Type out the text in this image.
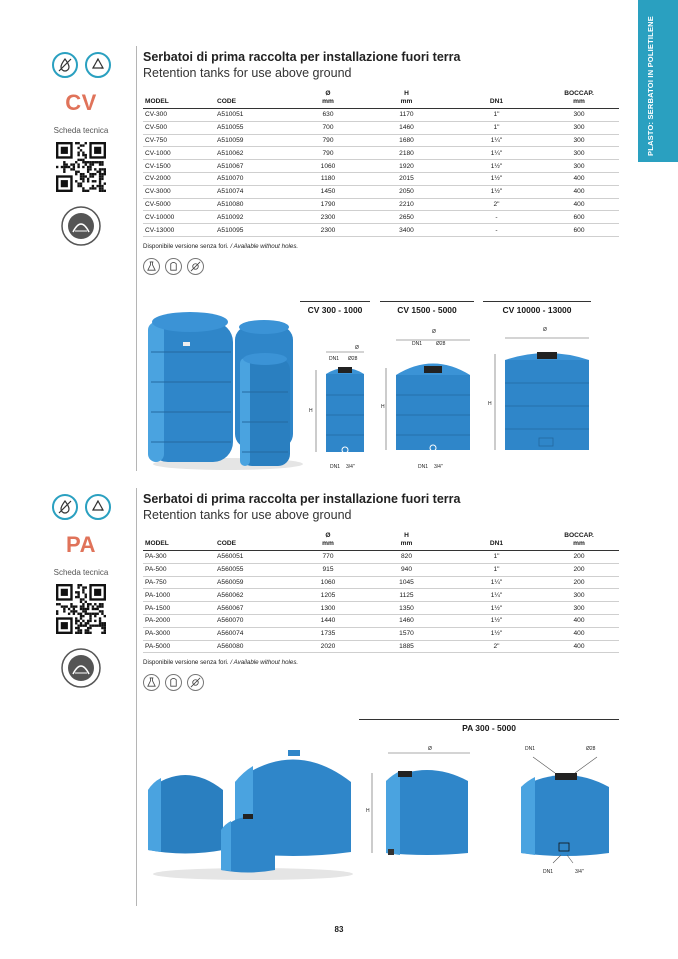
PLASTO: SERBATOI IN POLIETILENE
CV
Scheda tecnica
Serbatoi di prima raccolta per installazione fuori terra
Retention tanks for use above ground
MODEL	CODE	Ø
mm	H
mm	DN1	BOCCAP.
mm
CV-300	A510051	630	1170	1"	300
CV-500	A510055	700	1460	1"	300
CV-750	A510059	790	1680	1¼"	300
CV-1000	A510062	790	2180	1¼"	300
CV-1500	A510067	1060	1920	1½"	300
CV-2000	A510070	1180	2015	1½"	400
CV-3000	A510074	1450	2050	1½"	400
CV-5000	A510080	1790	2210	2"	400
CV-10000	A510092	2300	2650	-	600
CV-13000	A510095	2300	3400	-	600
Disponibile versione senza fori. / Available without holes.
CV 300 - 1000	CV 1500 - 5000	CV 10000 - 13000
Ø
DN1 Ø28
H
DN1 3/4"
Ø
DN1	Ø28
H
DN1 3/4"
Ø
H
PA
Scheda tecnica
Serbatoi di prima raccolta per installazione fuori terra
Retention tanks for use above ground
MODEL	CODE	Ø
mm	H
mm	DN1	BOCCAP.
mm
PA-300	A560051	770	820	1"	200
PA-500	A560055	915	940	1"	200
PA-750	A560059	1060	1045	1¼"	200
PA-1000	A560062	1205	1125	1¼"	300
PA-1500	A560067	1300	1350	1½"	300
PA-2000	A560070	1440	1460	1½"	400
PA-3000	A560074	1735	1570	1½"	400
PA-5000	A560080	2020	1885	2"	400
Disponibile versione senza fori. / Available without holes.
PA 300 - 5000
Ø
H
DN1	Ø28
DN1	3/4"
83
